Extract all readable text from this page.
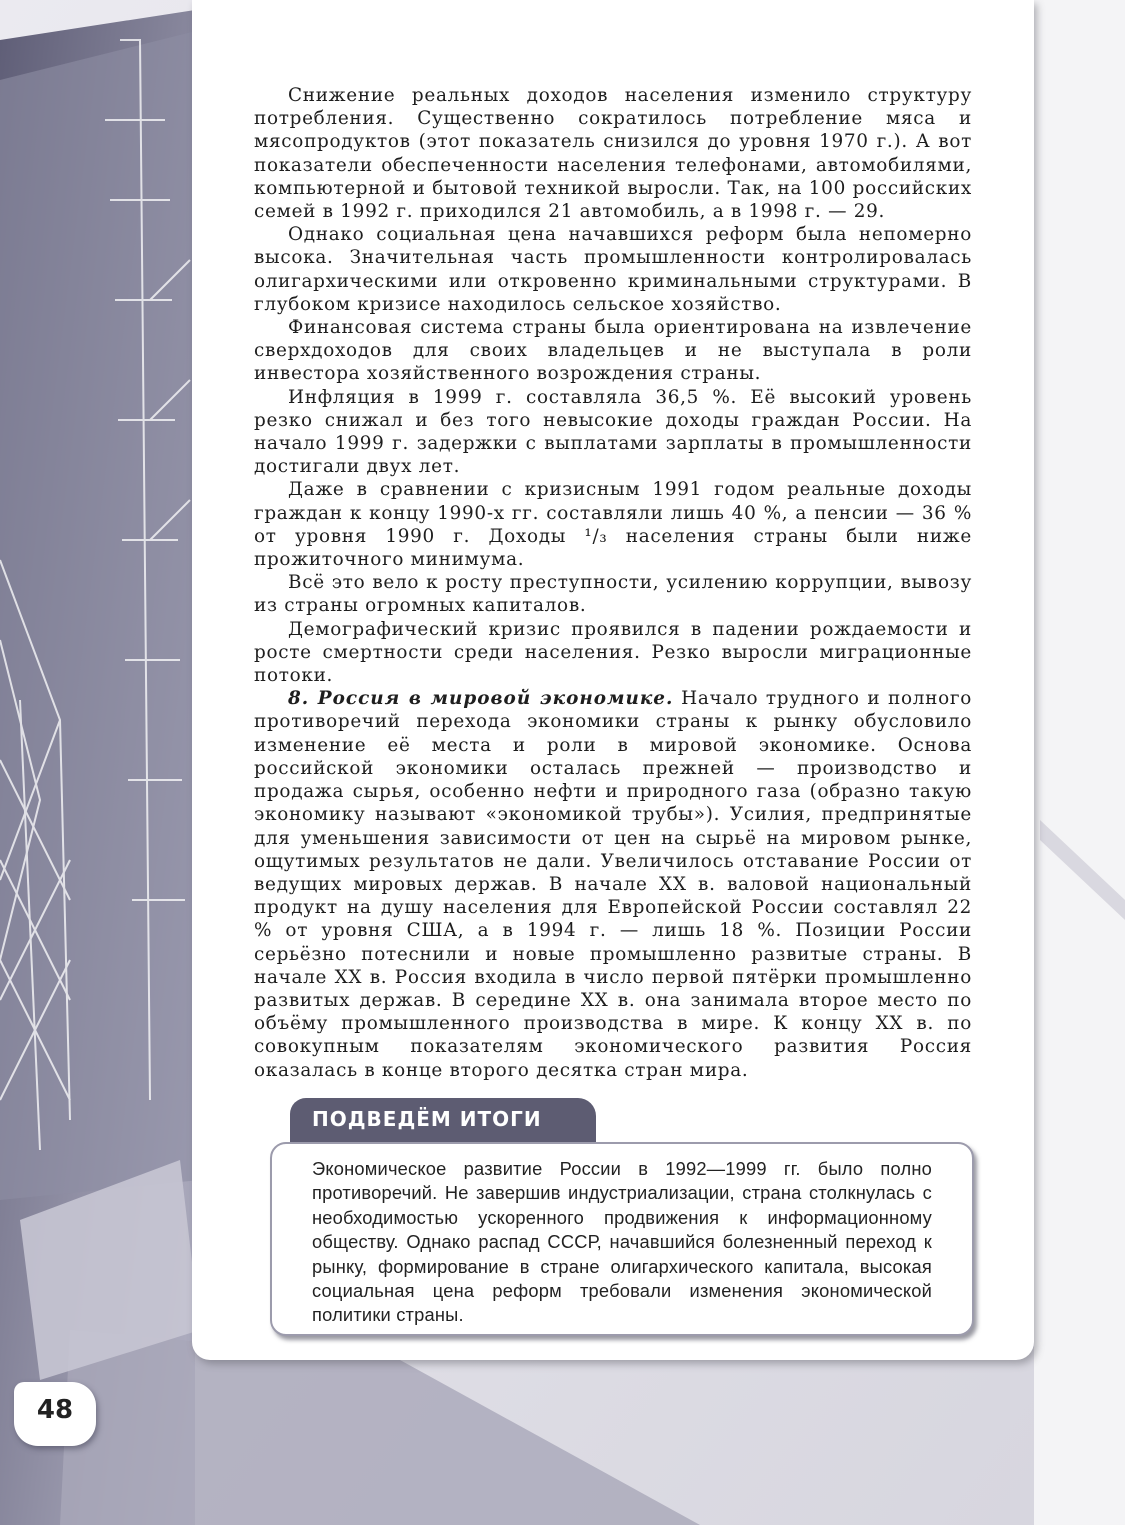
Снижение реальных доходов населения изменило структуру потребления. Существенно сократилось потребление мяса и мясопродуктов (этот показатель снизился до уровня 1970 г.). А вот показатели обеспеченности населения телефонами, автомобилями, компьютерной и бытовой техникой выросли. Так, на 100 российских семей в 1992 г. приходился 21 автомобиль, а в 1998 г. — 29.

Однако социальная цена начавшихся реформ была непомерно высока. Значительная часть промышленности контролировалась олигархическими или откровенно криминальными структурами. В глубоком кризисе находилось сельское хозяйство.

Финансовая система страны была ориентирована на извлечение сверхдоходов для своих владельцев и не выступала в роли инвестора хозяйственного возрождения страны.

Инфляция в 1999 г. составляла 36,5 %. Её высокий уровень резко снижал и без того невысокие доходы граждан России. На начало 1999 г. задержки с выплатами зарплаты в промышленности достигали двух лет.

Даже в сравнении с кризисным 1991 годом реальные доходы граждан к концу 1990-х гг. составляли лишь 40 %, а пенсии — 36 % от уровня 1990 г. Доходы ¹/₃ населения страны были ниже прожиточного минимума.

Всё это вело к росту преступности, усилению коррупции, вывозу из страны огромных капиталов.

Демографический кризис проявился в падении рождаемости и росте смертности среди населения. Резко выросли миграционные потоки.

8. Россия в мировой экономике. Начало трудного и полного противоречий перехода экономики страны к рынку обусловило изменение её места и роли в мировой экономике. Основа российской экономики осталась прежней — производство и продажа сырья, особенно нефти и природного газа (образно такую экономику называют «экономикой трубы»). Усилия, предпринятые для уменьшения зависимости от цен на сырьё на мировом рынке, ощутимых результатов не дали. Увеличилось отставание России от ведущих мировых держав. В начале XX в. валовой национальный продукт на душу населения для Европейской России составлял 22 % от уровня США, а в 1994 г. — лишь 18 %. Позиции России серьёзно потеснили и новые промышленно развитые страны. В начале XX в. Россия входила в число первой пятёрки промышленно развитых держав. В середине XX в. она занимала второе место по объёму промышленного производства в мире. К концу XX в. по совокупным показателям экономического развития Россия оказалась в конце второго десятка стран мира.

ПОДВЕДЁМ ИТОГИ

Экономическое развитие России в 1992—1999 гг. было полно противоречий. Не завершив индустриализации, страна столкнулась с необходимостью ускоренного продвижения к информационному обществу. Однако распад СССР, начавшийся болезненный переход к рынку, формирование в стране олигархического капитала, высокая социальная цена реформ требовали изменения экономической политики страны.

48
